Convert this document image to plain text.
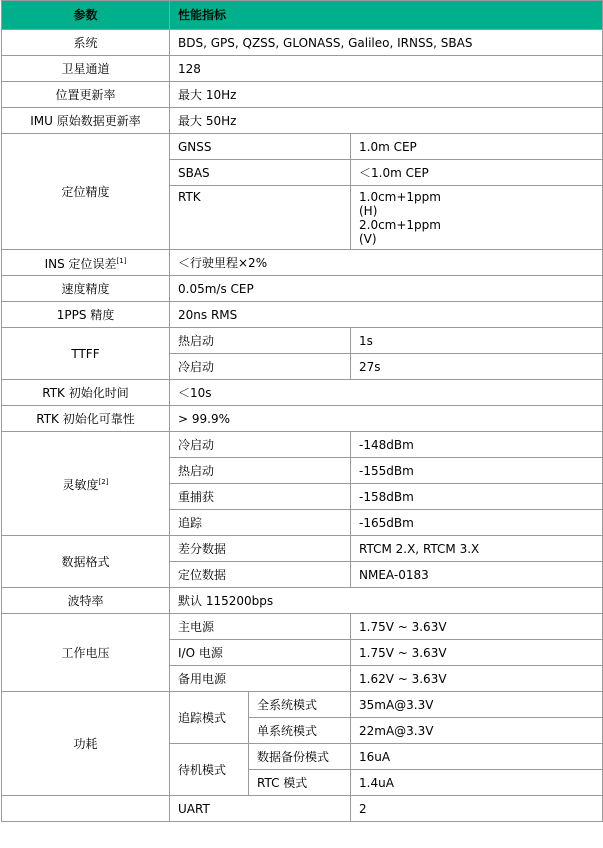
参数	性能指标		
系统	BDS, GPS, QZSS, GLONASS, Galileo, IRNSS, SBAS		
卫星通道	128		
位置更新率	最大 10Hz		
IMU 原始数据更新率	最大 50Hz		
定位精度	GNSS		1.0m CEP
	SBAS		＜1.0m CEP
	RTK		1.0cm+1ppm
(H)
2.0cm+1ppm
(V)

INS 定位误差[1]	＜行驶里程×2%		
速度精度	0.05m/s CEP		
1PPS 精度	20ns RMS		
TTFF	热启动		1s
	冷启动		27s
RTK 初始化时间	＜10s		
RTK 初始化可靠性	> 99.9%		
灵敏度[2]	冷启动		-148dBm
	热启动		-155dBm
	重捕获		-158dBm
	追踪		-165dBm
数据格式	差分数据		RTCM 2.X, RTCM 3.X
	定位数据		NMEA-0183
波特率	默认 115200bps		
工作电压	主电源		1.75V ~ 3.63V
	I/O 电源		1.75V ~ 3.63V
	备用电源		1.62V ~ 3.63V
功耗	追踪模式	全系统模式	35mA@3.3V
		单系统模式	22mA@3.3V
	待机模式	数据备份模式	16uA
		RTC 模式	1.4uA
	UART		2
